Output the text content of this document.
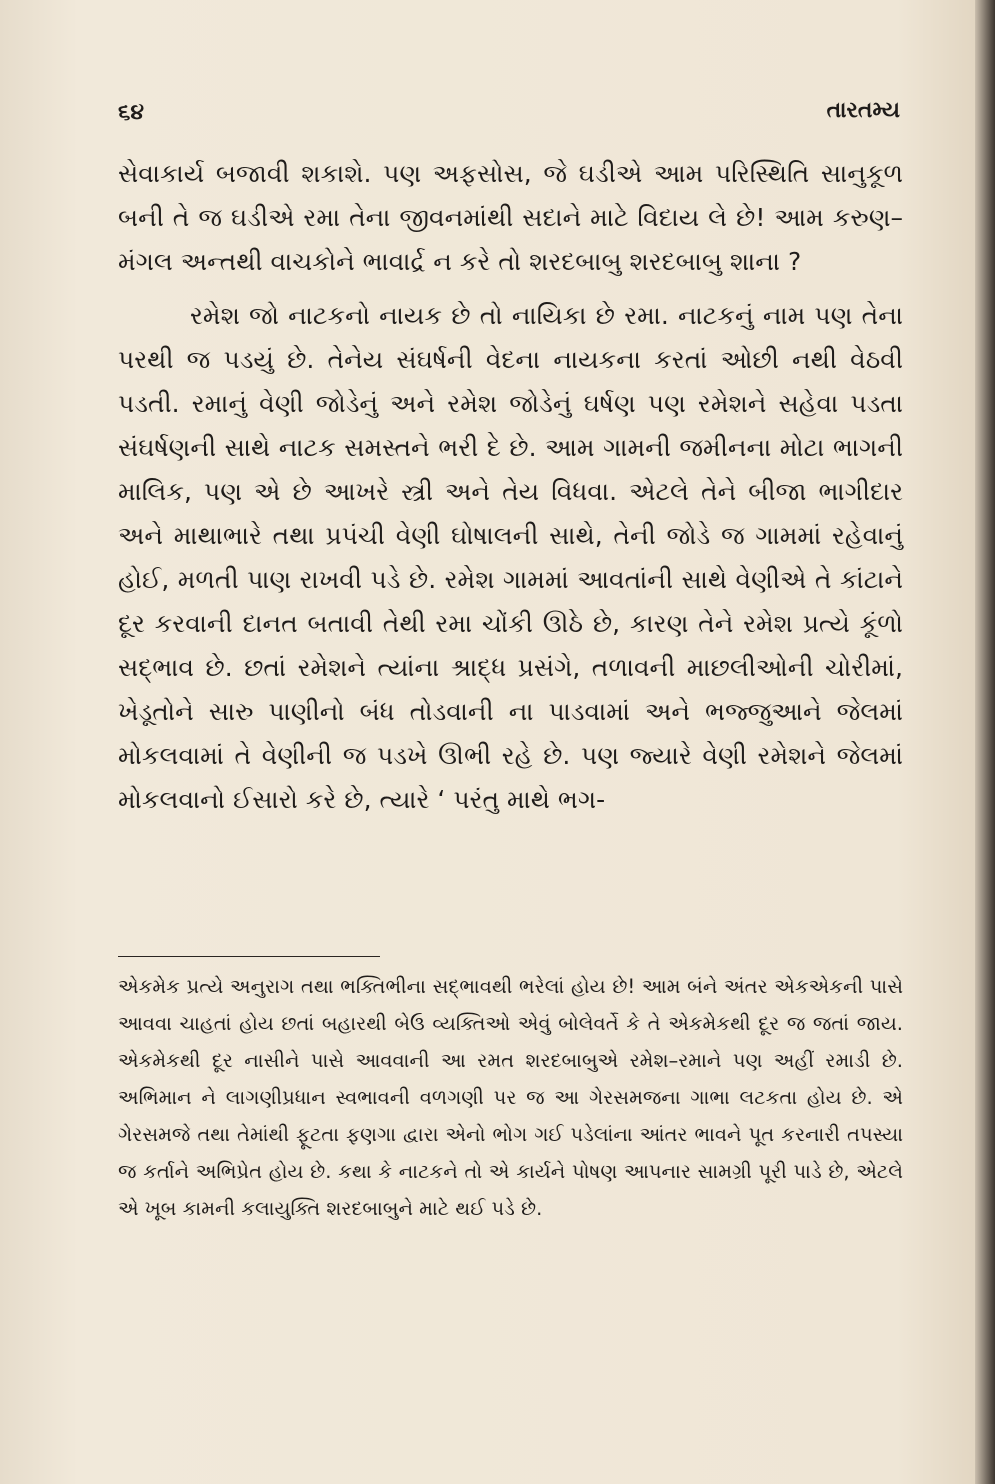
૬૪	તારતમ્ય

સેવાકાર્ય બજાવી શકાશે. પણ અફસોસ, જે ઘડીએ આમ પરિસ્થિતિ સાનુકૂળ બની તે જ ઘડીએ રમા તેના જીવનમાંથી સદાને માટે વિદાય લે છે! આમ કરુણ–મંગલ અન્તથી વાચકોને ભાવાર્દ્ર ન કરે તો શરદબાબુ શરદબાબુ શાના ?

રમેશ જો નાટકનો નાયક છે તો નાયિકા છે રમા. નાટકનું નામ પણ તેના પરથી જ પડયું છે. તેનેય સંઘર્ષની વેદના નાયકના કરતાં ઓછી નથી વેઠવી પડતી. રમાનું વેણી જોડેનું અને રમેશ જોડેનું ઘર્ષણ પણ રમેશને સહેવા પડતા સંઘર્ષણની સાથે નાટક સમસ્તને ભરી દે છે. આમ ગામની જમીનના મોટા ભાગની માલિક, પણ એ છે આખરે સ્ત્રી અને તેય વિધવા. એટલે તેને બીજા ભાગીદાર અને માથાભારે તથા પ્રપંચી વેણી ઘોષાલની સાથે, તેની જોડે જ ગામમાં રહેવાનું હોઈ, મળતી પાણ રાખવી પડે છે. રમેશ ગામમાં આવતાંની સાથે વેણીએ તે કાંટાને દૂર કરવાની દાનત બતાવી તેથી રમા ચોંકી ઊઠે છે, કારણ તેને રમેશ પ્રત્યે કૂંળો સદ્ભાવ છે. છતાં રમેશને ત્યાંના શ્રાદ્ધ પ્રસંગે, તળાવની માછલીઓની ચોરીમાં, ખેડૂતોને સારુ પાણીનો બંધ તોડવાની ના પાડવામાં અને ભજ્જુઆને જેલમાં મોકલવામાં તે વેણીની જ પડખે ઊભી રહે છે. પણ જ્યારે વેણી રમેશને જેલમાં મોકલવાનો ઈસારો કરે છે, ત્યારે ‘ પરંતુ માથે ભગ-

એકમેક પ્રત્યે અનુરાગ તથા ભક્તિભીના સદ્ભાવથી ભરેલાં હોય છે! આમ બંને અંતર એકએકની પાસે આવવા ચાહતાં હોય છતાં બહારથી બેઉ વ્યક્તિઓ એવું બોલેવર્તે કે તે એકમેકથી દૂર જ જતાં જાય. એકમેકથી દૂર નાસીને પાસે આવવાની આ રમત શરદબાબુએ રમેશ–રમાને પણ અહીં રમાડી છે. અભિમાન ને લાગણીપ્રધાન સ્વભાવની વળગણી પર જ આ ગેરસમજના ગાભા લટકતા હોય છે. એ ગેરસમજે તથા તેમાંથી ફૂટતા ફણગા દ્વારા એનો ભોગ ગઈ પડેલાંના આંતર ભાવને પૂત કરનારી તપસ્યા જ કર્તાને અભિપ્રેત હોય છે. કથા કે નાટકને તો એ કાર્યને પોષણ આપનાર સામગ્રી પૂરી પાડે છે, એટલે એ ખૂબ કામની કલાયુક્તિ શરદબાબુને માટે થઈ પડે છે.
